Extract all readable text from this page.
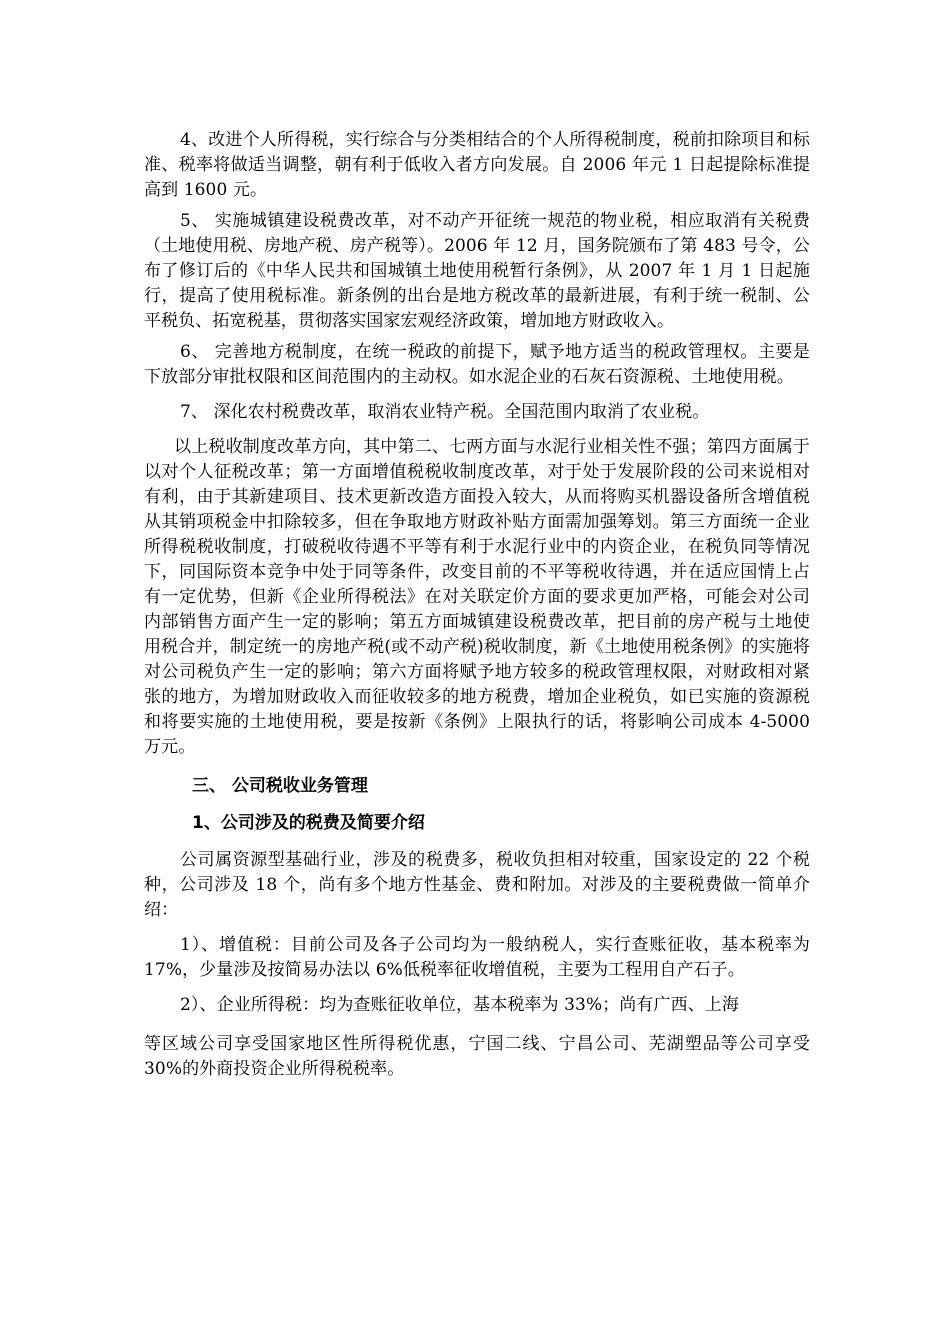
4、改进个人所得税，实行综合与分类相结合的个人所得税制度，税前扣除项目和标准、税率将做适当调整，朝有利于低收入者方向发展。自 2006 年元 1 日起提除标准提高到 1600 元。

5、 实施城镇建设税费改革，对不动产开征统一规范的物业税，相应取消有关税费（土地使用税、房地产税、房产税等）。2006 年 12 月，国务院颁布了第 483 号令，公布了修订后的《中华人民共和国城镇土地使用税暂行条例》，从 2007 年 1 月 1 日起施行，提高了使用税标准。新条例的出台是地方税改革的最新进展，有利于统一税制、公平税负、拓宽税基，贯彻落实国家宏观经济政策，增加地方财政收入。

6、 完善地方税制度，在统一税政的前提下，赋予地方适当的税政管理权。主要是下放部分审批权限和区间范围内的主动权。如水泥企业的石灰石资源税、土地使用税。

7、 深化农村税费改革，取消农业特产税。全国范围内取消了农业税。

以上税收制度改革方向，其中第二、七两方面与水泥行业相关性不强；第四方面属于以对个人征税改革；第一方面增值税税收制度改革，对于处于发展阶段的公司来说相对有利，由于其新建项目、技术更新改造方面投入较大，从而将购买机器设备所含增值税从其销项税金中扣除较多，但在争取地方财政补贴方面需加强筹划。第三方面统一企业所得税税收制度，打破税收待遇不平等有利于水泥行业中的内资企业，在税负同等情况下，同国际资本竞争中处于同等条件，改变目前的不平等税收待遇，并在适应国情上占有一定优势，但新《企业所得税法》在对关联定价方面的要求更加严格，可能会对公司内部销售方面产生一定的影响；第五方面城镇建设税费改革，把目前的房产税与土地使用税合并，制定统一的房地产税(或不动产税)税收制度，新《土地使用税条例》的实施将对公司税负产生一定的影响；第六方面将赋予地方较多的税政管理权限，对财政相对紧张的地方，为增加财政收入而征收较多的地方税费，增加企业税负，如已实施的资源税和将要实施的土地使用税，要是按新《条例》上限执行的话，将影响公司成本 4-5000 万元。

三、 公司税收业务管理

1、公司涉及的税费及简要介绍

公司属资源型基础行业，涉及的税费多，税收负担相对较重，国家设定的 22 个税种，公司涉及 18 个，尚有多个地方性基金、费和附加。对涉及的主要税费做一简单介绍：

1）、增值税：目前公司及各子公司均为一般纳税人，实行查账征收，基本税率为 17%，少量涉及按简易办法以 6%低税率征收增值税，主要为工程用自产石子。

2）、企业所得税：均为查账征收单位，基本税率为 33%；尚有广西、上海

等区域公司享受国家地区性所得税优惠，宁国二线、宁昌公司、芜湖塑品等公司享受 30%的外商投资企业所得税税率。
